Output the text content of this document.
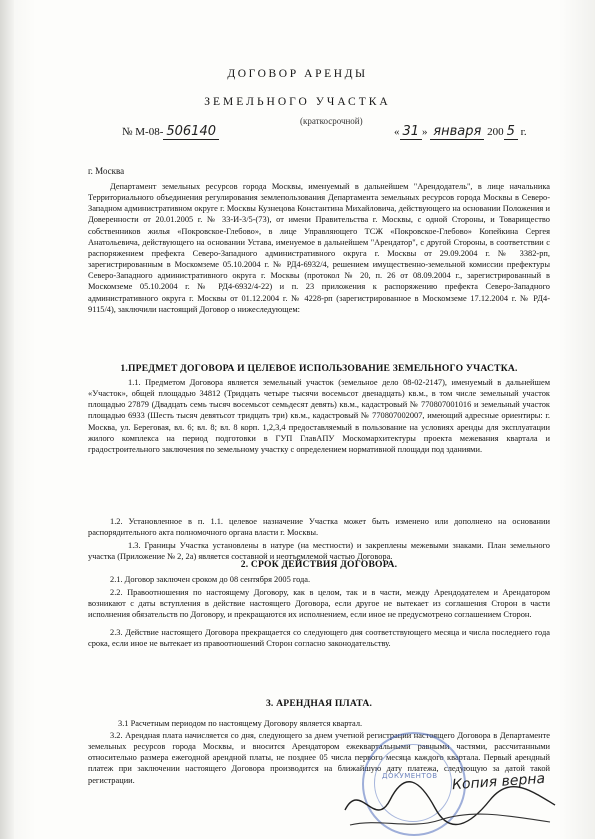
ДОГОВОР АРЕНДЫ
ЗЕМЕЛЬНОГО УЧАСТКА
(краткосрочной)
№ М-08- 506140	« 31 » января 200 5 г.
г. Москва

Департамент земельных ресурсов города Москвы, именуемый в дальнейшем "Арендодатель", в лице начальника Территориального объединения регулирования землепользования Департамента земельных ресурсов города Москвы в Северо-Западном административном округе г. Москвы Кузнецова Константина Михайловича, действующего на основании Положения и Доверенности от 20.01.2005 г. № 33-И-3/5-(73), от имени Правительства г. Москвы, с одной Стороны, и Товарищество собственников жилья «Покровское-Глебово», в лице Управляющего ТСЖ «Покровское-Глебово» Копейкина Сергея Анатольевича, действующего на основании Устава, именуемое в дальнейшем "Арендатор", с другой Стороны, в соответствии с распоряжением префекта Северо-Западного административного округа г. Москвы от 29.09.2004 г. № 3382-рп, зарегистрированным в Москомземе 05.10.2004 г. № РД4-6932/4, решением имущественно-земельной комиссии префектуры Северо-Западного административного округа г. Москвы (протокол № 20, п. 26 от 08.09.2004 г., зарегистрированный в Москомземе 05.10.2004 г. № РД4-6932/4-22) и п. 23 приложения к распоряжению префекта Северо-Западного административного округа г. Москвы от 01.12.2004 г. № 4228-рп (зарегистрированное в Москомземе 17.12.2004 г. № РД4-9115/4), заключили настоящий Договор о нижеследующем:

1.ПРЕДМЕТ ДОГОВОРА И ЦЕЛЕВОЕ ИСПОЛЬЗОВАНИЕ ЗЕМЕЛЬНОГО УЧАСТКА.

1.1. Предметом Договора является земельный участок (земельное дело 08-02-2147), именуемый в дальнейшем «Участок», общей площадью 34812 (Тридцать четыре тысячи восемьсот двенадцать) кв.м., в том числе земельный участок площадью 27879 (Двадцать семь тысяч восемьсот семьдесят девять) кв.м., кадастровый № 770807001016 и земельный участок площадью 6933 (Шесть тысяч девятьсот тридцать три) кв.м., кадастровый № 770807002007, имеющий адресные ориентиры: г. Москва, ул. Береговая, вл. 6; вл. 8; вл. 8 корп. 1,2,3,4 предоставляемый в пользование на условиях аренды для эксплуатации жилого комплекса на период подготовки в ГУП ГлавАПУ Москомархитектуры проекта межевания квартала и градостроительного заключения по земельному участку с определением нормативной площади под зданиями.

1.2. Установленное в п. 1.1. целевое назначение Участка может быть изменено или дополнено на основании распорядительного акта полномочного органа власти г. Москвы.

1.3. Границы Участка установлены в натуре (на местности) и закреплены межевыми знаками. План земельного участка (Приложение № 2, 2а) является составной и неотъемлемой частью Договора.

2. СРОК ДЕЙСТВИЯ ДОГОВОРА.

2.1. Договор заключен сроком до 08 сентября 2005 года.

2.2. Правоотношения по настоящему Договору, как в целом, так и в части, между Арендодателем и Арендатором возникают с даты вступления в действие настоящего Договора, если другое не вытекает из соглашения Сторон в части исполнения обязательств по Договору, и прекращаются их исполнением, если иное не предусмотрено соглашением Сторон.

2.3. Действие настоящего Договора прекращается со следующего дня соответствующего месяца и числа последнего года срока, если иное не вытекает из правоотношений Сторон согласно законодательству.

3. АРЕНДНАЯ ПЛАТА.

3.1 Расчетным периодом по настоящему Договору является квартал.

3.2. Арендная плата начисляется со дня, следующего за днем учетной регистрации настоящего Договора в Департаменте земельных ресурсов города Москвы, и вносится Арендатором ежеквартальными равными частями, рассчитанными относительно размера ежегодной арендной платы, не позднее 05 числа первого месяца каждого квартала. Первый арендный платеж при заключении настоящего Договора производится на ближайшую дату платежа, следующую за датой такой регистрации.	ДОКУМЕНТОВ Копия верна
